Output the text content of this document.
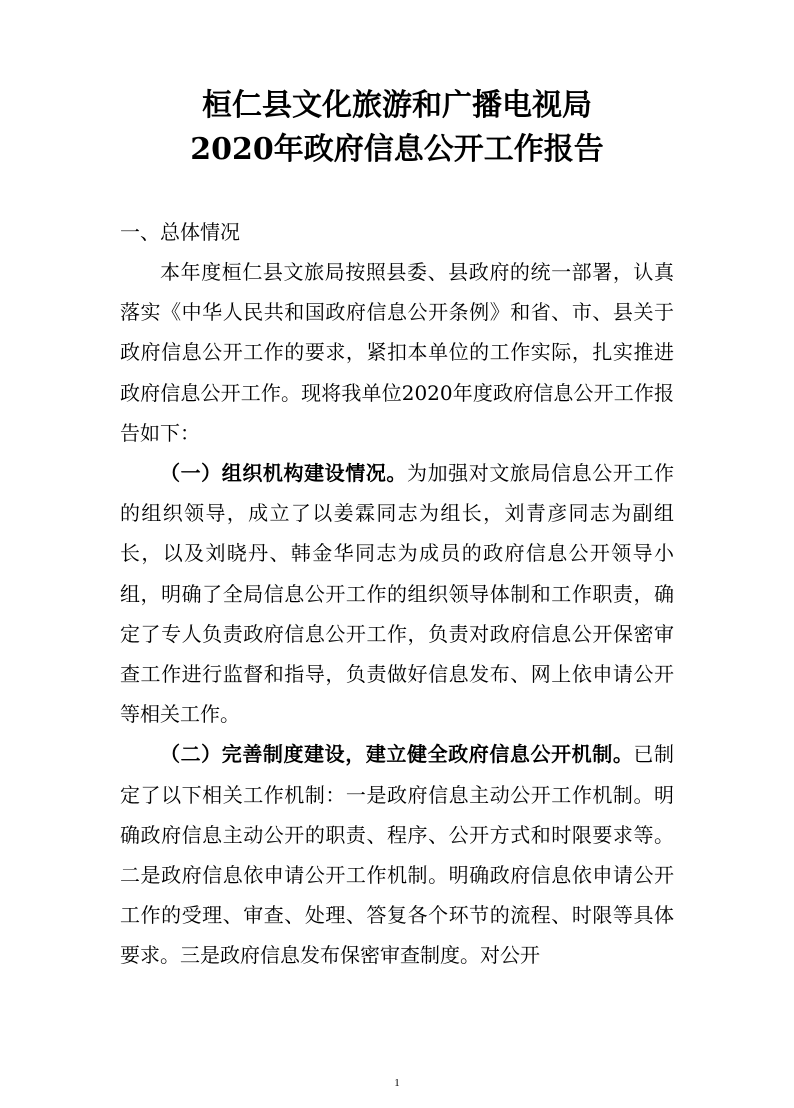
桓仁县文化旅游和广播电视局
2020年政府信息公开工作报告
一、总体情况

本年度桓仁县文旅局按照县委、县政府的统一部署，认真落实《中华人民共和国政府信息公开条例》和省、市、县关于政府信息公开工作的要求，紧扣本单位的工作实际，扎实推进政府信息公开工作。现将我单位2020年度政府信息公开工作报告如下：

（一）组织机构建设情况。为加强对文旅局信息公开工作的组织领导，成立了以姜霖同志为组长，刘青彦同志为副组长，以及刘晓丹、韩金华同志为成员的政府信息公开领导小组，明确了全局信息公开工作的组织领导体制和工作职责，确定了专人负责政府信息公开工作，负责对政府信息公开保密审查工作进行监督和指导，负责做好信息发布、网上依申请公开等相关工作。

（二）完善制度建设，建立健全政府信息公开机制。已制定了以下相关工作机制：一是政府信息主动公开工作机制。明确政府信息主动公开的职责、程序、公开方式和时限要求等。二是政府信息依申请公开工作机制。明确政府信息依申请公开工作的受理、审查、处理、答复各个环节的流程、时限等具体要求。三是政府信息发布保密审查制度。对公开

1
